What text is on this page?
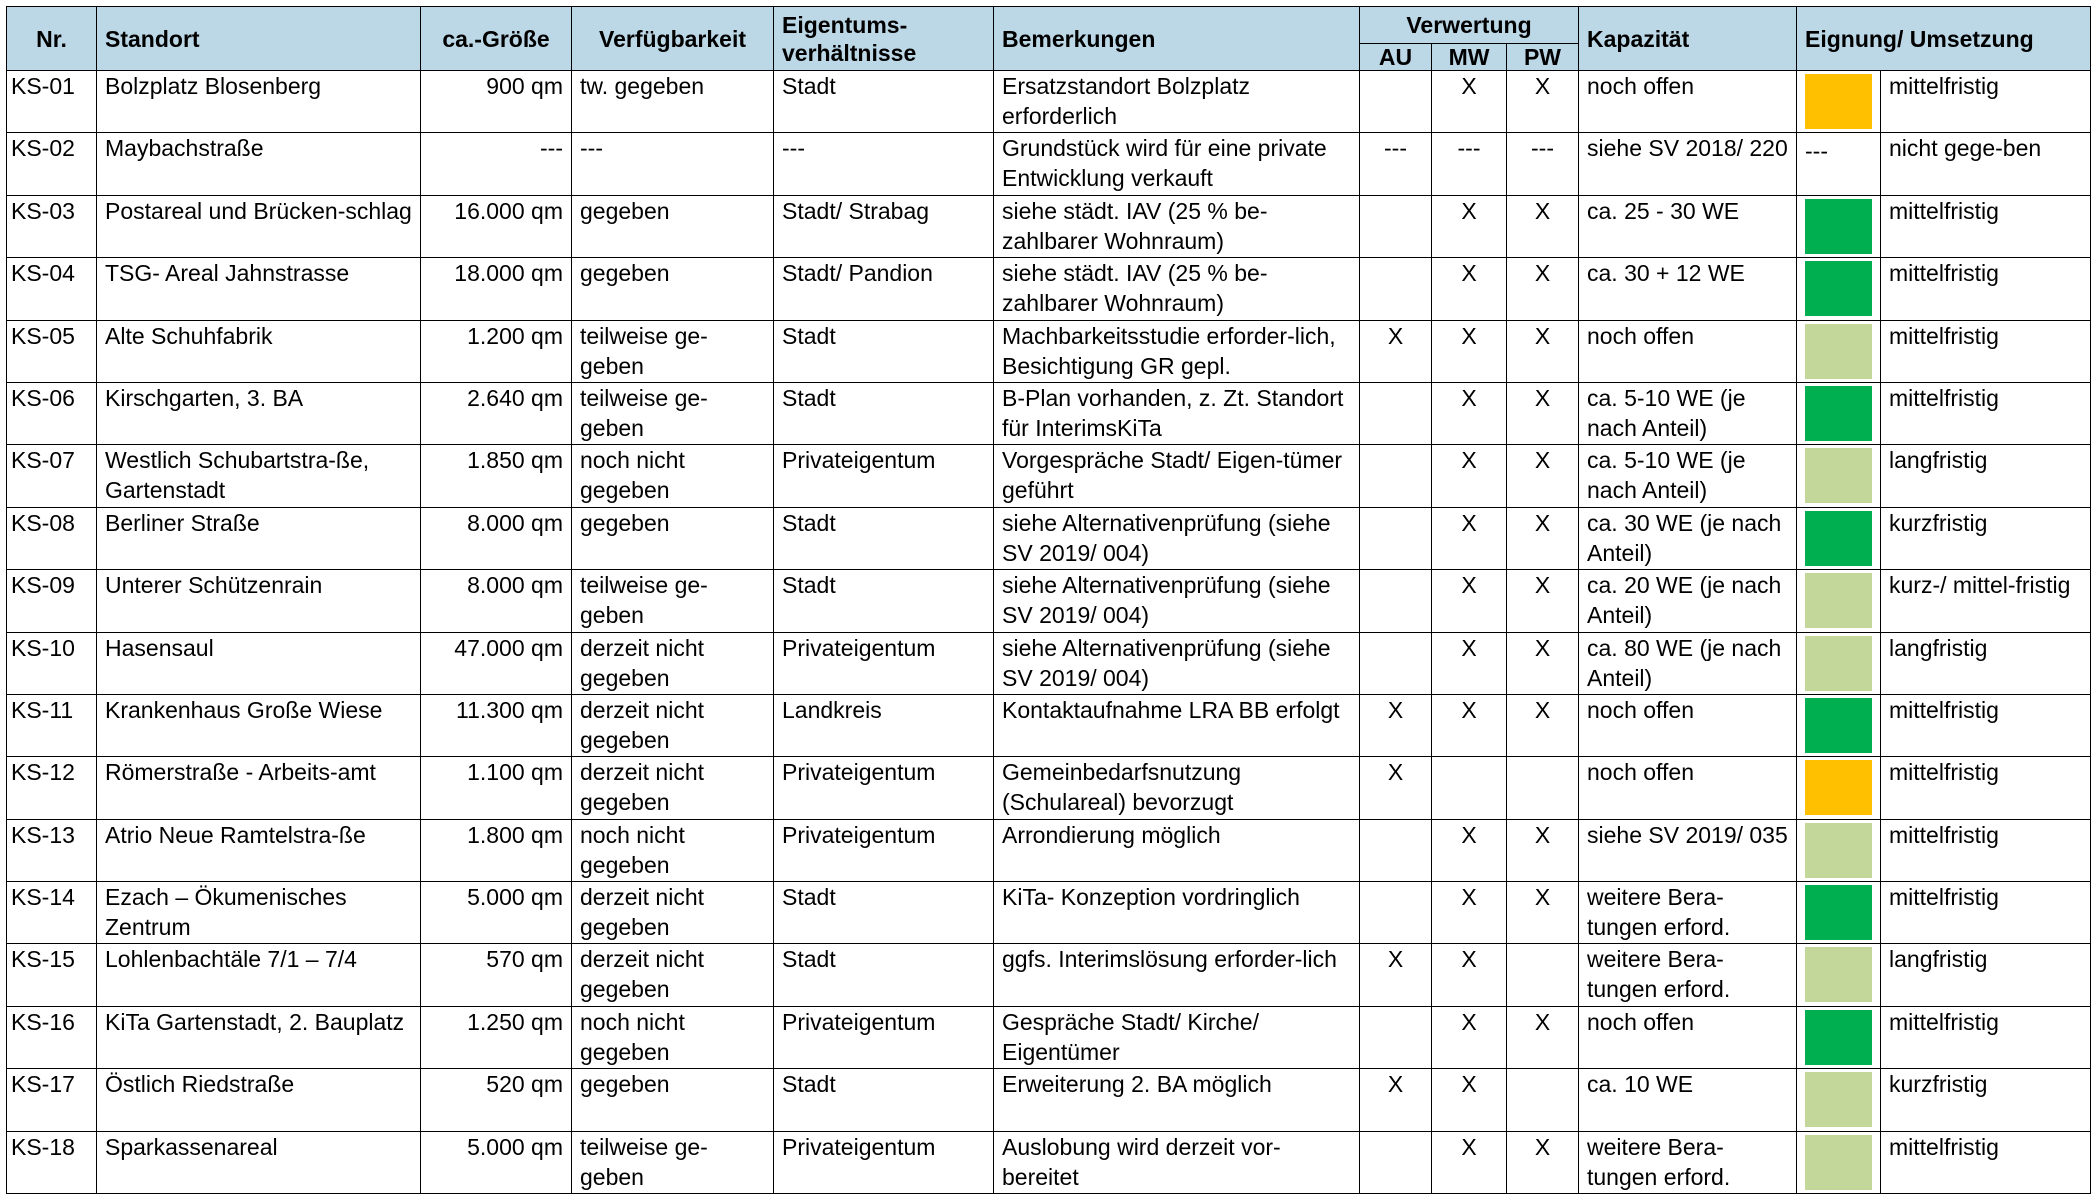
Nr.	Standort	ca.-Größe	Verfügbarkeit	Eigentums-verhältnisse	Bemerkungen	Verwertung			Kapazität	Eignung/ Umsetzung	
						AU	MW	PW			
KS-01	Bolzplatz Blosenberg	900 qm	tw. gegeben	Stadt	Ersatzstandort Bolzplatz erforderlich		X	X	noch offen		mittelfristig
KS-02	Maybachstraße	---	---	---	Grundstück wird für eine private Entwicklung verkauft	---	---	---	siehe SV 2018/ 220	---	nicht gege-ben
KS-03	Postareal und Brücken-schlag	16.000 qm	gegeben	Stadt/ Strabag	siehe städt. IAV (25 % be-zahlbarer Wohnraum)		X	X	ca. 25 - 30 WE		mittelfristig
KS-04	TSG- Areal Jahnstrasse	18.000 qm	gegeben	Stadt/ Pandion	siehe städt. IAV (25 % be-zahlbarer Wohnraum)		X	X	ca. 30 + 12 WE		mittelfristig
KS-05	Alte Schuhfabrik	1.200 qm	teilweise ge-geben	Stadt	Machbarkeitsstudie erforder-lich, Besichtigung GR gepl.	X	X	X	noch offen		mittelfristig
KS-06	Kirschgarten, 3. BA	2.640 qm	teilweise ge-geben	Stadt	B-Plan vorhanden, z. Zt. Standort für InterimsKiTa		X	X	ca. 5-10 WE (je nach Anteil)		mittelfristig
KS-07	Westlich Schubartstra-ße, Gartenstadt	1.850 qm	noch nicht gegeben	Privateigentum	Vorgespräche Stadt/ Eigen-tümer geführt		X	X	ca. 5-10 WE (je nach Anteil)		langfristig
KS-08	Berliner Straße	8.000 qm	gegeben	Stadt	siehe Alternativenprüfung (siehe SV 2019/ 004)		X	X	ca. 30 WE (je nach Anteil)		kurzfristig
KS-09	Unterer Schützenrain	8.000 qm	teilweise ge-geben	Stadt	siehe Alternativenprüfung (siehe SV 2019/ 004)		X	X	ca. 20 WE (je nach Anteil)		kurz-/ mittel-fristig
KS-10	Hasensaul	47.000 qm	derzeit nicht gegeben	Privateigentum	siehe Alternativenprüfung (siehe SV 2019/ 004)		X	X	ca. 80 WE (je nach Anteil)		langfristig
KS-11	Krankenhaus Große Wiese	11.300 qm	derzeit nicht gegeben	Landkreis	Kontaktaufnahme LRA BB erfolgt	X	X	X	noch offen		mittelfristig
KS-12	Römerstraße - Arbeits-amt	1.100 qm	derzeit nicht gegeben	Privateigentum	Gemeinbedarfsnutzung (Schulareal) bevorzugt	X			noch offen		mittelfristig
KS-13	Atrio Neue Ramtelstra-ße	1.800 qm	noch nicht gegeben	Privateigentum	Arrondierung möglich		X	X	siehe SV 2019/ 035		mittelfristig
KS-14	Ezach – Ökumenisches Zentrum	5.000 qm	derzeit nicht gegeben	Stadt	KiTa- Konzeption vordringlich		X	X	weitere Bera-tungen erford.		mittelfristig
KS-15	Lohlenbachtäle 7/1 – 7/4	570 qm	derzeit nicht gegeben	Stadt	ggfs. Interimslösung erforder-lich	X	X		weitere Bera-tungen erford.		langfristig
KS-16	KiTa Gartenstadt, 2. Bauplatz	1.250 qm	noch nicht gegeben	Privateigentum	Gespräche Stadt/ Kirche/ Eigentümer		X	X	noch offen		mittelfristig
KS-17	Östlich Riedstraße	520 qm	gegeben	Stadt	Erweiterung 2. BA möglich	X	X		ca. 10 WE		kurzfristig
KS-18	Sparkassenareal	5.000 qm	teilweise ge-geben	Privateigentum	Auslobung wird derzeit vor-bereitet		X	X	weitere Bera-tungen erford.		mittelfristig
